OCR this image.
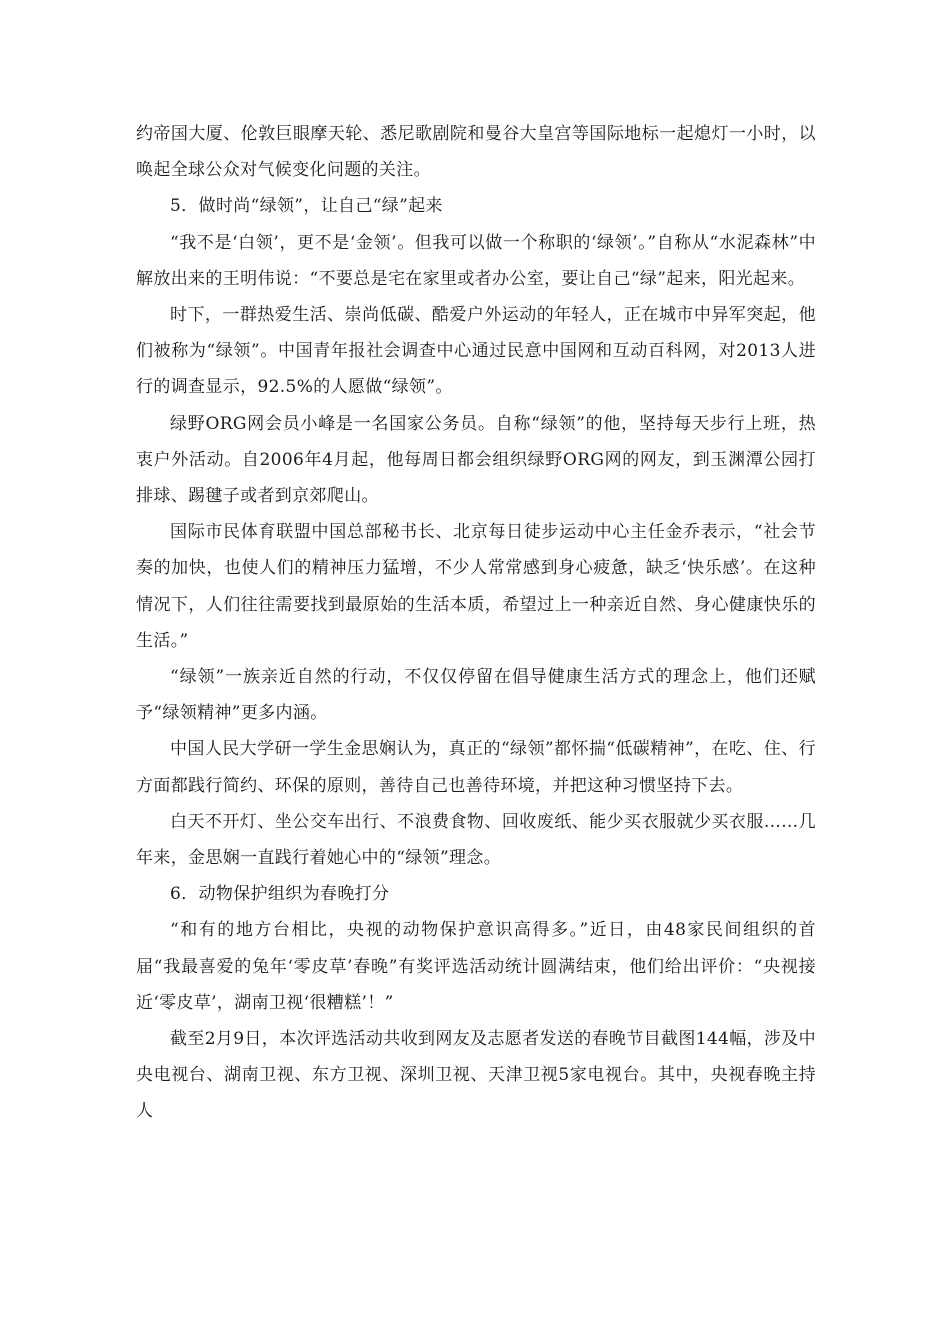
约帝国大厦、伦敦巨眼摩天轮、悉尼歌剧院和曼谷大皇宫等国际地标一起熄灯一小时，以唤起全球公众对气候变化问题的关注。

5．做时尚“绿领”，让自己“绿”起来

“我不是‘白领’，更不是‘金领’。但我可以做一个称职的‘绿领’。”自称从“水泥森林”中解放出来的王明伟说：“不要总是宅在家里或者办公室，要让自己“绿”起来，阳光起来。

时下，一群热爱生活、崇尚低碳、酷爱户外运动的年轻人，正在城市中异军突起，他们被称为“绿领”。中国青年报社会调查中心通过民意中国网和互动百科网，对2013人进行的调查显示，92.5%的人愿做“绿领”。

绿野ORG网会员小峰是一名国家公务员。自称“绿领”的他，坚持每天步行上班，热衷户外活动。自2006年4月起，他每周日都会组织绿野ORG网的网友，到玉渊潭公园打排球、踢毽子或者到京郊爬山。

国际市民体育联盟中国总部秘书长、北京每日徒步运动中心主任金乔表示，“社会节奏的加快，也使人们的精神压力猛增，不少人常常感到身心疲惫，缺乏‘快乐感’。在这种情况下，人们往往需要找到最原始的生活本质，希望过上一种亲近自然、身心健康快乐的生活。”

“绿领”一族亲近自然的行动，不仅仅停留在倡导健康生活方式的理念上，他们还赋予“绿领精神”更多内涵。

中国人民大学研一学生金思娴认为，真正的“绿领”都怀揣“低碳精神”，在吃、住、行方面都践行简约、环保的原则，善待自己也善待环境，并把这种习惯坚持下去。

白天不开灯、坐公交车出行、不浪费食物、回收废纸、能少买衣服就少买衣服……几年来，金思娴一直践行着她心中的“绿领”理念。

6．动物保护组织为春晚打分

“和有的地方台相比，央视的动物保护意识高得多。”近日，由48家民间组织的首届“我最喜爱的兔年‘零皮草’春晚”有奖评选活动统计圆满结束，他们给出评价：“央视接近‘零皮草’，湖南卫视‘很糟糕’！”

截至2月9日，本次评选活动共收到网友及志愿者发送的春晚节目截图144幅，涉及中央电视台、湖南卫视、东方卫视、深圳卫视、天津卫视5家电视台。其中，央视春晚主持人
